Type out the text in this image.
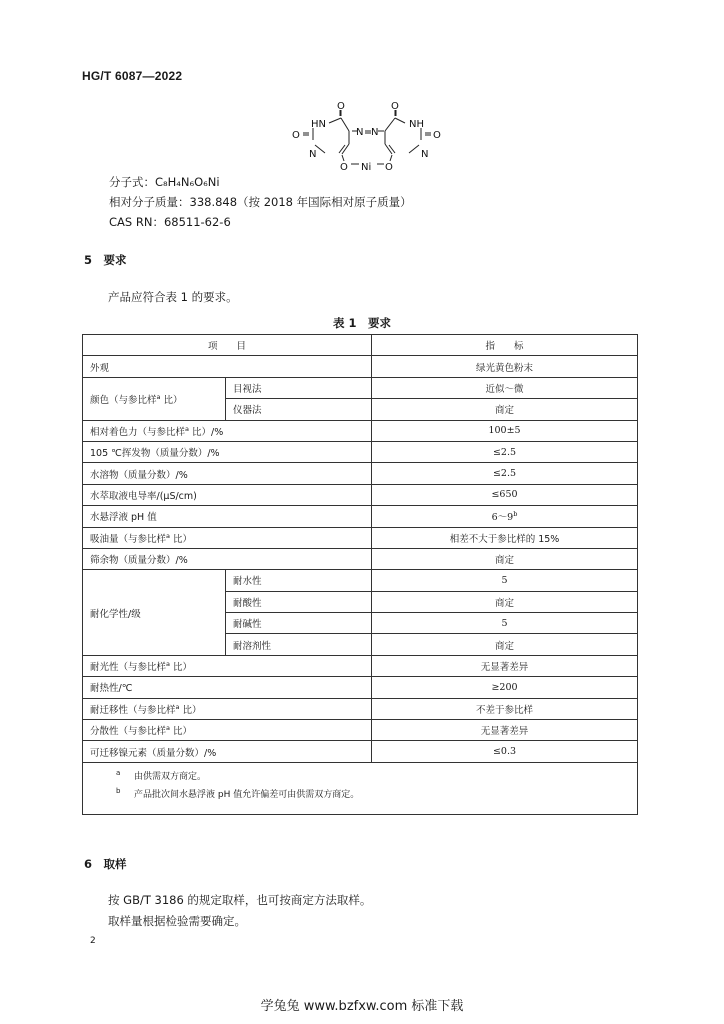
HG/T 6087—2022
O	O
O	O
HN	NH
N N
N	N
O	O
Ni
分子式：C₈H₄N₆O₆Ni
相对分子质量：338.848（按 2018 年国际相对原子质量）
CAS RN：68511-62-6
5　要求
产品应符合表 1 的要求。
表 1　要求
项　　目		指　　标
外观		绿光黄色粉末
颜色（与参比样$^a$ 比）	目视法	近似～微
	仪器法	商定
相对着色力（与参比样$^a$ 比）/%		100±5
105 ℃挥发物（质量分数）/%		≤2.5
水溶物（质量分数）/%		≤2.5
水萃取液电导率/(μS/cm)		≤650
水悬浮液 pH 值		6～9$^b$
吸油量（与参比样$^a$ 比）		相差不大于参比样的 15%
筛余物（质量分数）/%		商定
耐化学性/级	耐水性	5
	耐酸性	商定
	耐碱性	5
	耐溶剂性	商定
耐光性（与参比样$^a$ 比）		无显著差异
耐热性/℃		≥200
耐迁移性（与参比样$^a$ 比）		不差于参比样
分散性（与参比样$^a$ 比）		无显著差异
可迁移镍元素（质量分数）/%		≤0.3

a 由供需双方商定。
b 产品批次间水悬浮液 pH 值允许偏差可由供需双方商定。		
6　取样
按 GB/T 3186 的规定取样，也可按商定方法取样。
取样量根据检验需要确定。
2
学兔兔 www.bzfxw.com 标准下载
